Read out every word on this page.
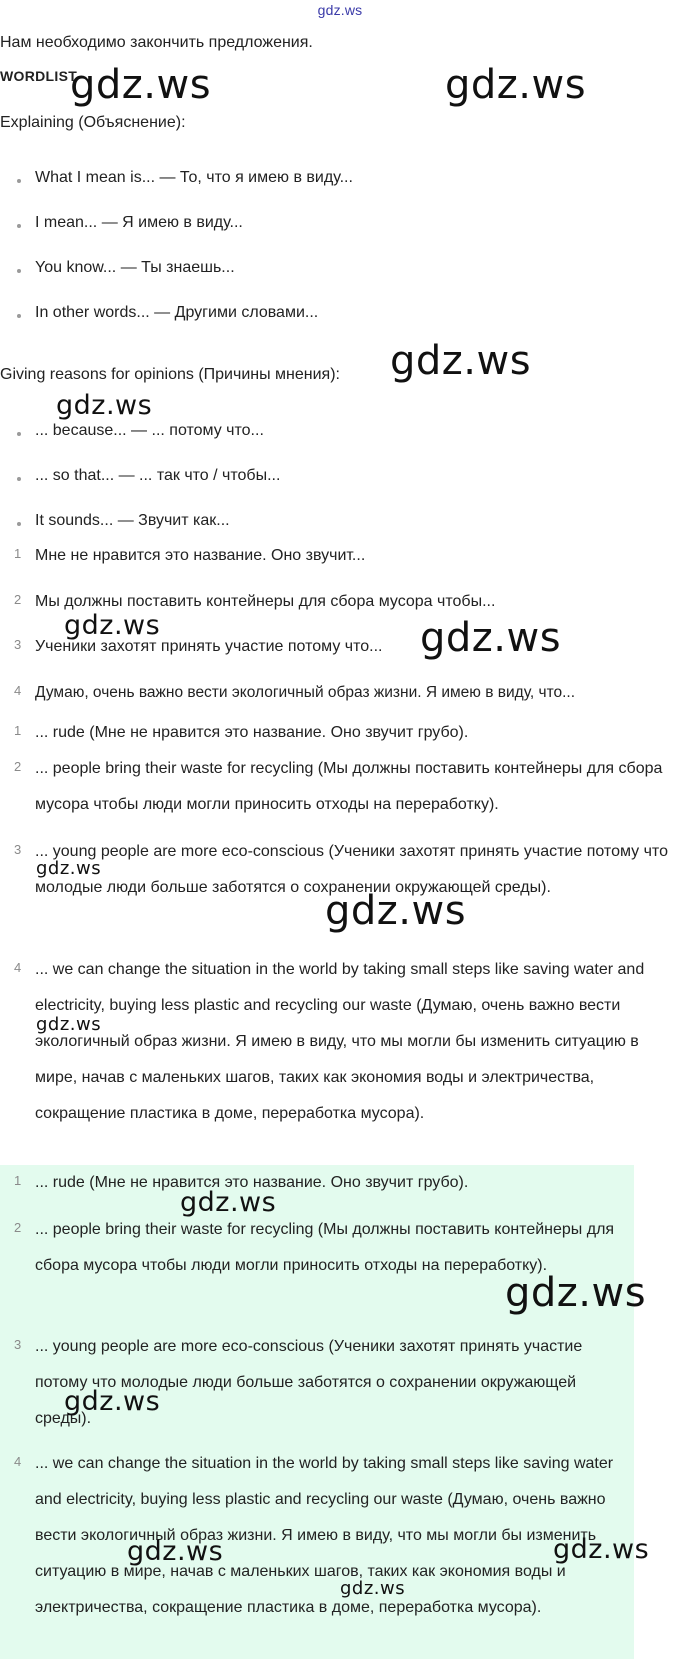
gdz.ws
Нам необходимо закончить предложения.
WORDLIST
Explaining (Объяснение):
What I mean is... — То, что я имею в виду...
I mean... — Я имею в виду...
You know... — Ты знаешь...
In other words... — Другими словами...
Giving reasons for opinions (Причины мнения):
... because... — ... потому что...
... so that... — ... так что / чтобы...
It sounds... — Звучит как...
1 Мне не нравится это название. Оно звучит...
2 Мы должны поставить контейнеры для сбора мусора чтобы...
3 Ученики захотят принять участие потому что...
4 Думаю, очень важно вести экологичный образ жизни. Я имею в виду, что...
1 ... rude (Мне не нравится это название. Оно звучит грубо).
2 ... people bring their waste for recycling (Мы должны поставить контейнеры для сбора мусора чтобы люди могли приносить отходы на переработку).
3 ... young people are more eco-conscious (Ученики захотят принять участие потому что молодые люди больше заботятся о сохранении окружающей среды).
4 ... we can change the situation in the world by taking small steps like saving water and electricity, buying less plastic and recycling our waste (Думаю, очень важно вести экологичный образ жизни. Я имею в виду, что мы могли бы изменить ситуацию в мире, начав с маленьких шагов, таких как экономия воды и электричества, сокращение пластика в доме, переработка мусора).
1 ... rude (Мне не нравится это название. Оно звучит грубо).
2 ... people bring their waste for recycling (Мы должны поставить контейнеры для сбора мусора чтобы люди могли приносить отходы на переработку).
3 ... young people are more eco-conscious (Ученики захотят принять участие потому что молодые люди больше заботятся о сохранении окружающей среды).
4 ... we can change the situation in the world by taking small steps like saving water and electricity, buying less plastic and recycling our waste (Думаю, очень важно вести экологичный образ жизни. Я имею в виду, что мы могли бы изменить ситуацию в мире, начав с маленьких шагов, таких как экономия воды и электричества, сокращение пластика в доме, переработка мусора).
gdz.ws	gdz.ws
gdz.ws
gdz.ws
gdz.ws	gdz.ws
gdz.ws
gdz.ws
gdz.ws
gdz.ws
gdz.ws
gdz.ws
gdz.ws	gdz.ws
gdz.ws
